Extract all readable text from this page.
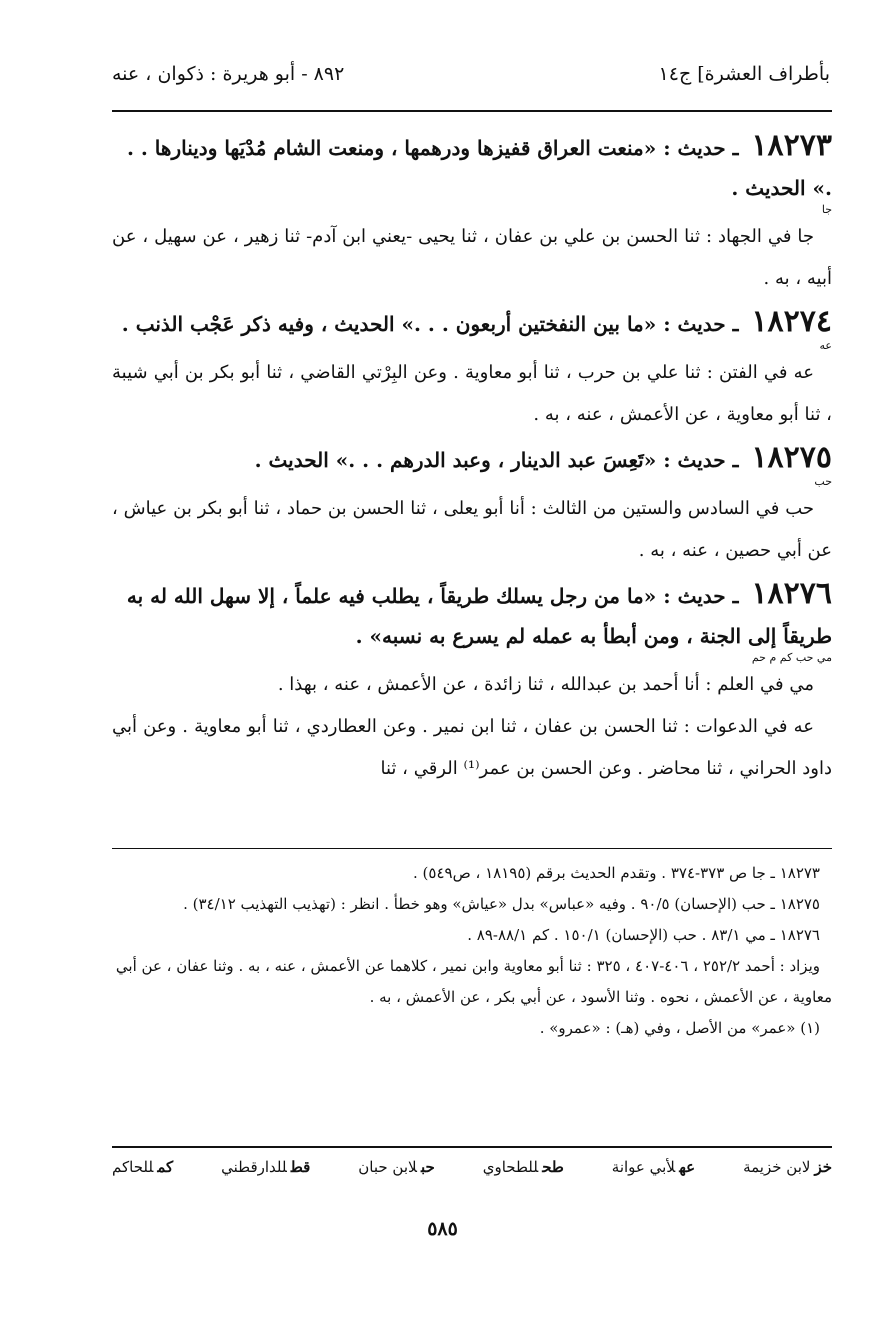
بأطراف العشرة] ج١٤
٨٩٢ - أبو هريرة : ذكوان ، عنه
١٨٢٧٣ ـ حديث : «منعت العراق قفيزها ودرهمها ، ومنعت الشام مُدْيَها ودينارها . . .» الحديث .
جا

جا في الجهاد : ثنا الحسن بن علي بن عفان ، ثنا يحيى -يعني ابن آدم- ثنا زهير ، عن سهيل ، عن أبيه ، به .

١٨٢٧٤ ـ حديث : «ما بين النفختين أربعون . . .» الحديث ، وفيه ذكر عَجْب الذنب .
عه

عه في الفتن : ثنا علي بن حرب ، ثنا أبو معاوية . وعن البِرْتي القاضي ، ثنا أبو بكر بن أبي شيبة ، ثنا أبو معاوية ، عن الأعمش ، عنه ، به .

١٨٢٧٥ ـ حديث : «تَعِسَ عبد الدينار ، وعبد الدرهم . . .» الحديث .
حب

حب في السادس والستين من الثالث : أنا أبو يعلى ، ثنا الحسن بن حماد ، ثنا أبو بكر بن عياش ، عن أبي حصين ، عنه ، به .

١٨٢٧٦ ـ حديث : «ما من رجل يسلك طريقاً ، يطلب فيه علماً ، إلا سهل الله له به طريقاً إلى الجنة ، ومن أبطأ به عمله لم يسرع به نسبه» .
مي حب كم م حم

مي في العلم : أنا أحمد بن عبدالله ، ثنا زائدة ، عن الأعمش ، عنه ، بهذا .

عه في الدعوات : ثنا الحسن بن عفان ، ثنا ابن نمير . وعن العطاردي ، ثنا أبو معاوية . وعن أبي داود الحراني ، ثنا محاضر . وعن الحسن بن عمر⁽¹⁾ الرقي ، ثنا

١٨٢٧٣ ـ جا ص ٣٧٣-٣٧٤ . وتقدم الحديث برقم (١٨١٩٥ ، ص٥٤٩) .

١٨٢٧٥ ـ حب (الإحسان) ٩٠/٥ . وفيه «عباس» بدل «عياش» وهو خطأ . انظر : (تهذيب التهذيب ٣٤/١٢) .

١٨٢٧٦ ـ مي ٨٣/١ . حب (الإحسان) ١٥٠/١ . كم ٨٨/١-٨٩ .

ويزاد : أحمد ٢٥٢/٢ ، ٤٠٦-٤٠٧ ، ٣٢٥ : ثنا أبو معاوية وابن نمير ، كلاهما عن الأعمش ، عنه ، به . وثنا عفان ، عن أبي معاوية ، عن الأعمش ، نحوه . وثنا الأسود ، عن أبي بكر ، عن الأعمش ، به .

(١) «عمر» من الأصل ، وفي (هـ) : «عمرو» .

خزلابن خزيمة
عهلأبي عوانة
طحللطحاوي
حبلابن حبان
قطللدارقطني
كمللحاكم
٥٨٥
